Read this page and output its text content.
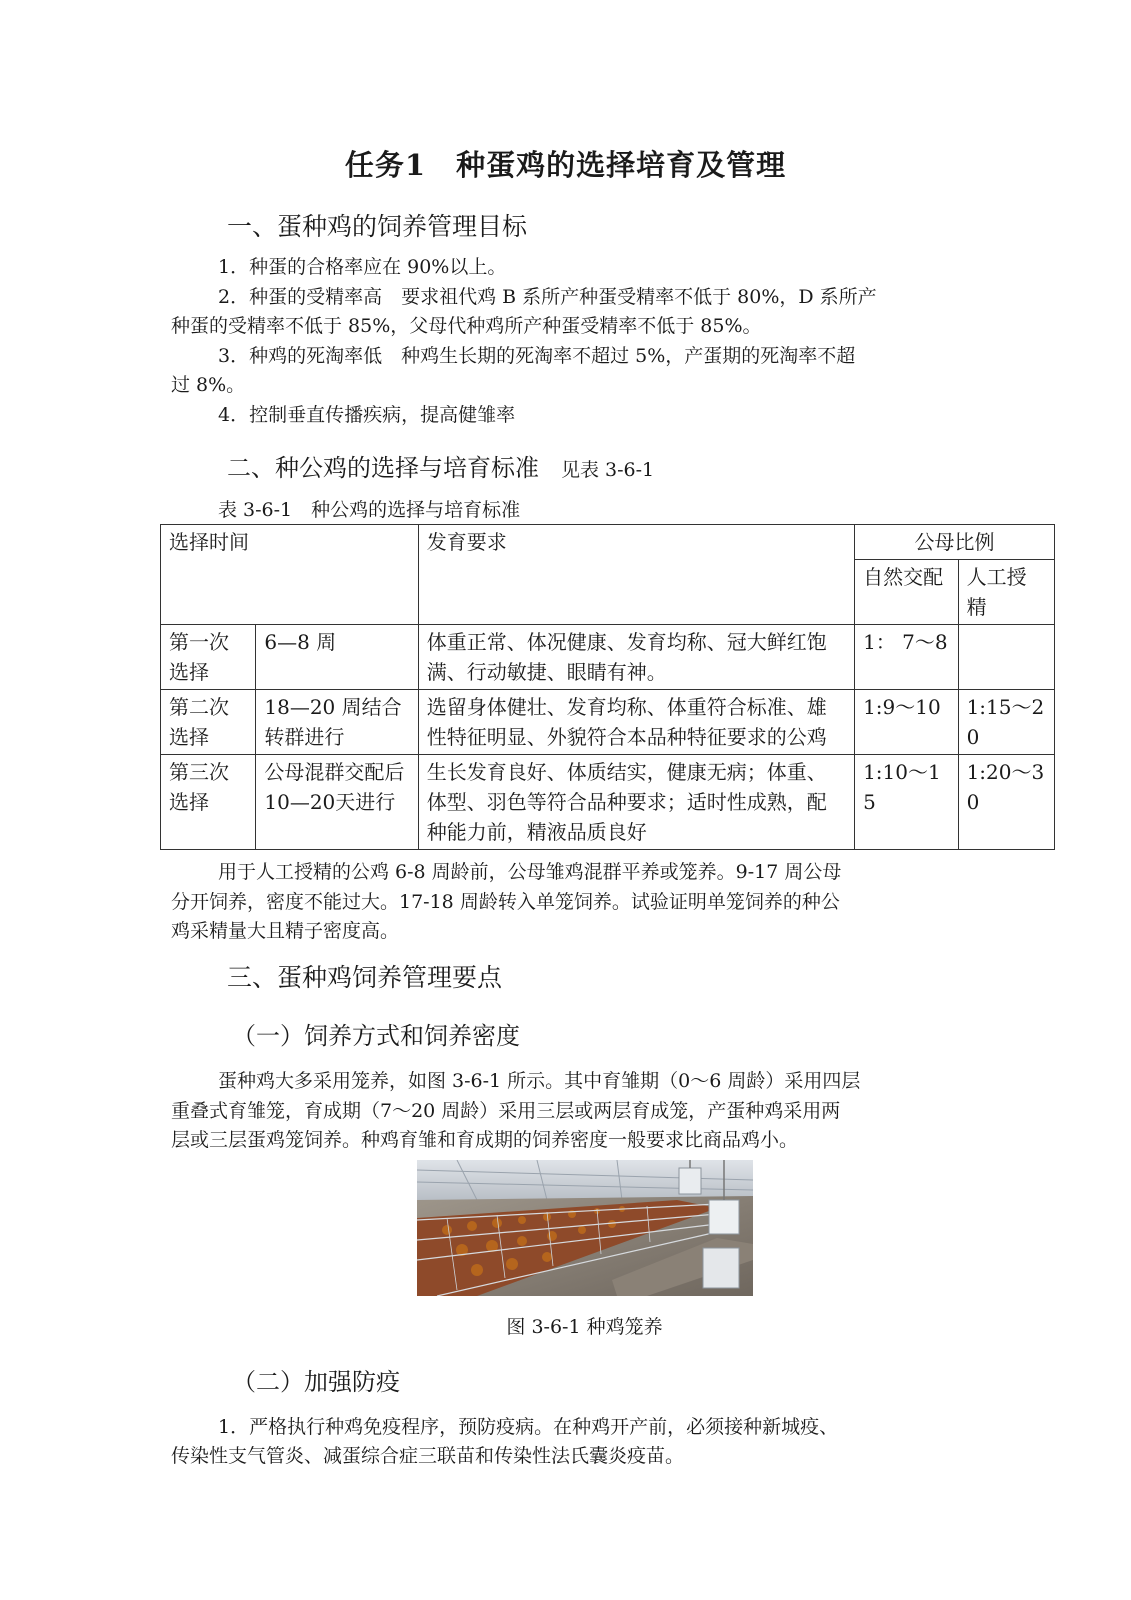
任务1　种蛋鸡的选择培育及管理
一、蛋种鸡的饲养管理目标
1．种蛋的合格率应在 90%以上。
2．种蛋的受精率高　要求祖代鸡 B 系所产种蛋受精率不低于 80%，D 系所产
种蛋的受精率不低于 85%，父母代种鸡所产种蛋受精率不低于 85%。
3．种鸡的死淘率低　种鸡生长期的死淘率不超过 5%，产蛋期的死淘率不超
过 8%。
4．控制垂直传播疾病，提高健雏率
二、种公鸡的选择与培育标准 见表 3-6-1
表 3-6-1　种公鸡的选择与培育标准
选择时间		发育要求	公母比例	
			自然交配	人工授精
第一次选择	6—8 周	体重正常、体况健康、发育均称、冠大鲜红饱满、行动敏捷、眼睛有神。	1： 7～8	
第二次选择	18—20 周结合转群进行	选留身体健壮、发育均称、体重符合标准、雄性特征明显、外貌符合本品种特征要求的公鸡	1:9～10	1:15～20
第三次选择	公母混群交配后10—20天进行	生长发育良好、体质结实，健康无病；体重、体型、羽色等符合品种要求；适时性成熟，配种能力前，精液品质良好	1:10～15	1:20～30
用于人工授精的公鸡 6-8 周龄前，公母雏鸡混群平养或笼养。9-17 周公母
分开饲养，密度不能过大。17-18 周龄转入单笼饲养。试验证明单笼饲养的种公
鸡采精量大且精子密度高。
三、蛋种鸡饲养管理要点
（一）饲养方式和饲养密度
蛋种鸡大多采用笼养，如图 3-6-1 所示。其中育雏期（0～6 周龄）采用四层
重叠式育雏笼，育成期（7～20 周龄）采用三层或两层育成笼，产蛋种鸡采用两
层或三层蛋鸡笼饲养。种鸡育雏和育成期的饲养密度一般要求比商品鸡小。
图 3-6-1 种鸡笼养
（二）加强防疫
1．严格执行种鸡免疫程序，预防疫病。在种鸡开产前，必须接种新城疫、
传染性支气管炎、减蛋综合症三联苗和传染性法氏囊炎疫苗。
